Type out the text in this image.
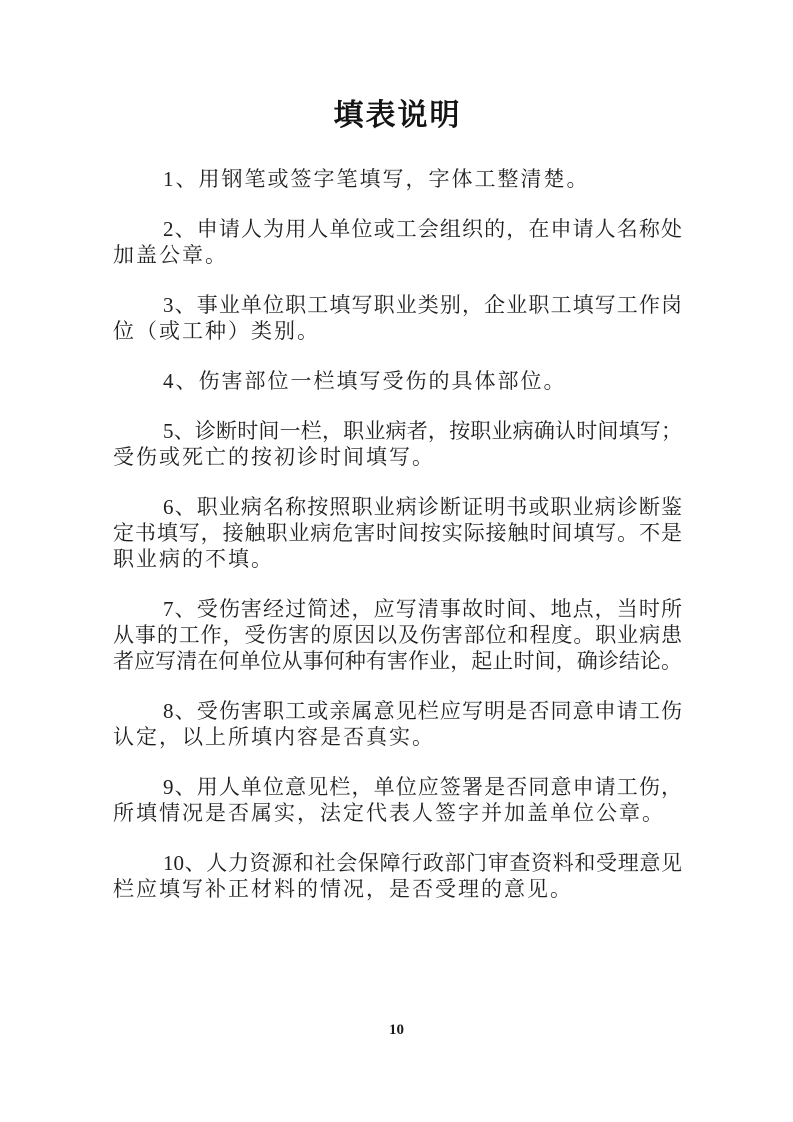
填表说明
1、用钢笔或签字笔填写，字体工整清楚。
2、申请人为用人单位或工会组织的，在申请人名称处
加盖公章。
3、事业单位职工填写职业类别，企业职工填写工作岗
位（或工种）类别。
4、伤害部位一栏填写受伤的具体部位。
5、诊断时间一栏，职业病者，按职业病确认时间填写；
受伤或死亡的按初诊时间填写。
6、职业病名称按照职业病诊断证明书或职业病诊断鉴
定书填写，接触职业病危害时间按实际接触时间填写。不是
职业病的不填。
7、受伤害经过简述，应写清事故时间、地点，当时所
从事的工作，受伤害的原因以及伤害部位和程度。职业病患
者应写清在何单位从事何种有害作业，起止时间，确诊结论。
8、受伤害职工或亲属意见栏应写明是否同意申请工伤
认定，以上所填内容是否真实。
9、用人单位意见栏，单位应签署是否同意申请工伤，
所填情况是否属实，法定代表人签字并加盖单位公章。
10、人力资源和社会保障行政部门审查资料和受理意见
栏应填写补正材料的情况，是否受理的意见。
10
